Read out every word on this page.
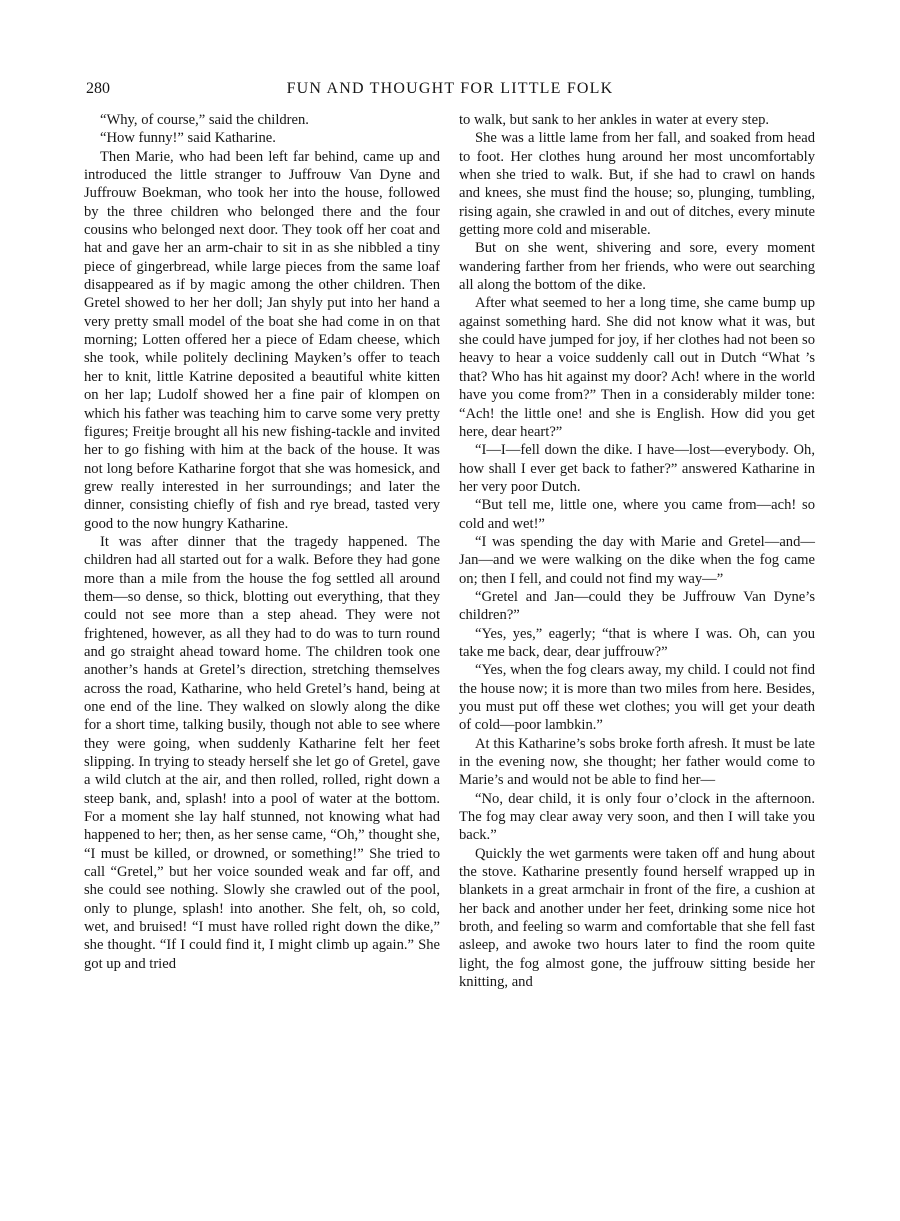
280	FUN AND THOUGHT FOR LITTLE FOLK

“Why, of course,” said the children.

“How funny!” said Katharine.

Then Marie, who had been left far behind, came up and introduced the little stranger to Juffrouw Van Dyne and Juffrouw Boekman, who took her into the house, followed by the three children who belonged there and the four cousins who belonged next door. They took off her coat and hat and gave her an arm-chair to sit in as she nibbled a tiny piece of gingerbread, while large pieces from the same loaf disappeared as if by magic among the other children. Then Gretel showed to her her doll; Jan shyly put into her hand a very pretty small model of the boat she had come in on that morning; Lotten offered her a piece of Edam cheese, which she took, while politely declining Mayken’s offer to teach her to knit, little Katrine deposited a beautiful white kitten on her lap; Ludolf showed her a fine pair of klompen on which his father was teaching him to carve some very pretty figures; Freitje brought all his new fishing-tackle and invited her to go fishing with him at the back of the house. It was not long before Katharine forgot that she was homesick, and grew really interested in her surroundings; and later the dinner, consisting chiefly of fish and rye bread, tasted very good to the now hungry Katharine.

It was after dinner that the tragedy happened. The children had all started out for a walk. Before they had gone more than a mile from the house the fog settled all around them—so dense, so thick, blotting out everything, that they could not see more than a step ahead. They were not frightened, however, as all they had to do was to turn round and go straight ahead toward home. The children took one another’s hands at Gretel’s direction, stretching themselves across the road, Katharine, who held Gretel’s hand, being at one end of the line. They walked on slowly along the dike for a short time, talking busily, though not able to see where they were going, when suddenly Katharine felt her feet slipping. In trying to steady herself she let go of Gretel, gave a wild clutch at the air, and then rolled, rolled, right down a steep bank, and, splash! into a pool of water at the bottom. For a moment she lay half stunned, not knowing what had happened to her; then, as her sense came, “Oh,” thought she, “I must be killed, or drowned, or something!” She tried to call “Gretel,” but her voice sounded weak and far off, and she could see nothing. Slowly she crawled out of the pool, only to plunge, splash! into another. She felt, oh, so cold, wet, and bruised! “I must have rolled right down the dike,” she thought. “If I could find it, I might climb up again.” She got up and tried

to walk, but sank to her ankles in water at every step.

She was a little lame from her fall, and soaked from head to foot. Her clothes hung around her most uncomfortably when she tried to walk. But, if she had to crawl on hands and knees, she must find the house; so, plunging, tumbling, rising again, she crawled in and out of ditches, every minute getting more cold and miserable.

But on she went, shivering and sore, every moment wandering farther from her friends, who were out searching all along the bottom of the dike.

After what seemed to her a long time, she came bump up against something hard. She did not know what it was, but she could have jumped for joy, if her clothes had not been so heavy to hear a voice suddenly call out in Dutch “What ’s that? Who has hit against my door? Ach! where in the world have you come from?” Then in a considerably milder tone: “Ach! the little one! and she is English. How did you get here, dear heart?”

“I—I—fell down the dike. I have—lost—everybody. Oh, how shall I ever get back to father?” answered Katharine in her very poor Dutch.

“But tell me, little one, where you came from—ach! so cold and wet!”

“I was spending the day with Marie and Gretel—and—Jan—and we were walking on the dike when the fog came on; then I fell, and could not find my way—”

“Gretel and Jan—could they be Juffrouw Van Dyne’s children?”

“Yes, yes,” eagerly; “that is where I was. Oh, can you take me back, dear, dear juffrouw?”

“Yes, when the fog clears away, my child. I could not find the house now; it is more than two miles from here. Besides, you must put off these wet clothes; you will get your death of cold—poor lambkin.”

At this Katharine’s sobs broke forth afresh. It must be late in the evening now, she thought; her father would come to Marie’s and would not be able to find her—

“No, dear child, it is only four o’clock in the afternoon. The fog may clear away very soon, and then I will take you back.”

Quickly the wet garments were taken off and hung about the stove. Katharine presently found herself wrapped up in blankets in a great armchair in front of the fire, a cushion at her back and another under her feet, drinking some nice hot broth, and feeling so warm and comfortable that she fell fast asleep, and awoke two hours later to find the room quite light, the fog almost gone, the juffrouw sitting beside her knitting, and
